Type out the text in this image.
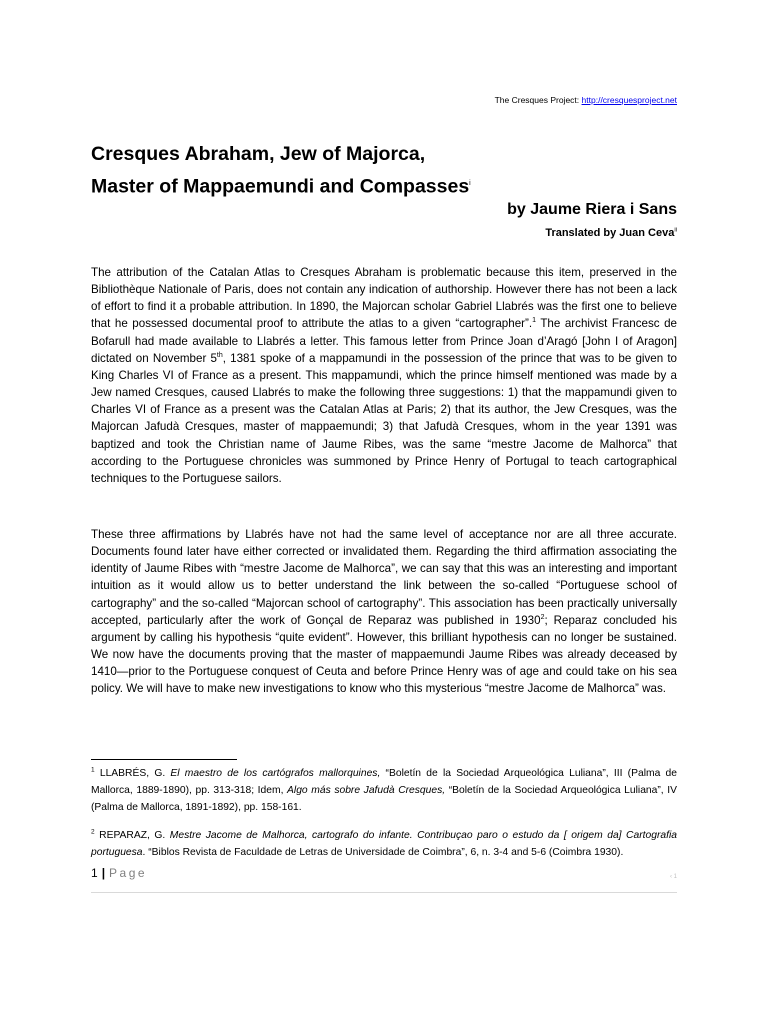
The Cresques Project: http://cresquesproject.net
Cresques Abraham, Jew of Majorca,
Master of Mappaemundi and Compasses$^i$
by Jaume Riera i Sans
Translated by Juan Ceva$^{ii}$

The attribution of the Catalan Atlas to Cresques Abraham is problematic because this item, preserved in the Bibliothèque Nationale of Paris, does not contain any indication of authorship. However there has not been a lack of effort to find it a probable attribution. In 1890, the Majorcan scholar Gabriel Llabrés was the first one to believe that he possessed documental proof to attribute the atlas to a given “cartographer”.$^1$ The archivist Francesc de Bofarull had made available to Llabrés a letter. This famous letter from Prince Joan d’Aragó [John I of Aragon] dictated on November 5th, 1381 spoke of a mappamundi in the possession of the prince that was to be given to King Charles VI of France as a present. This mappamundi, which the prince himself mentioned was made by a Jew named Cresques, caused Llabrés to make the following three suggestions: 1) that the mappamundi given to Charles VI of France as a present was the Catalan Atlas at Paris; 2) that its author, the Jew Cresques, was the Majorcan Jafudà Cresques, master of mappaemundi; 3) that Jafudà Cresques, whom in the year 1391 was baptized and took the Christian name of Jaume Ribes, was the same “mestre Jacome de Malhorca” that according to the Portuguese chronicles was summoned by Prince Henry of Portugal to teach cartographical techniques to the Portuguese sailors.

These three affirmations by Llabrés have not had the same level of acceptance nor are all three accurate. Documents found later have either corrected or invalidated them. Regarding the third affirmation associating the identity of Jaume Ribes with “mestre Jacome de Malhorca”, we can say that this was an interesting and important intuition as it would allow us to better understand the link between the so-called “Portuguese school of cartography” and the so-called “Majorcan school of cartography”. This association has been practically universally accepted, particularly after the work of Gonçal de Reparaz was published in 1930$^2$; Reparaz concluded his argument by calling his hypothesis “quite evident”. However, this brilliant hypothesis can no longer be sustained. We now have the documents proving that the master of mappaemundi Jaume Ribes was already deceased by 1410—prior to the Portuguese conquest of Ceuta and before Prince Henry was of age and could take on his sea policy. We will have to make new investigations to know who this mysterious “mestre Jacome de Malhorca” was.

$^1$ LLABRÉS, G. El maestro de los cartógrafos mallorquines, “Boletín de la Sociedad Arqueológica Luliana”, III (Palma de Mallorca, 1889-1890), pp. 313-318; Idem, Algo más sobre Jafudà Cresques, “Boletín de la Sociedad Arqueológica Luliana”, IV (Palma de Mallorca, 1891-1892), pp. 158-161.

$^2$ REPARAZ, G. Mestre Jacome de Malhorca, cartografo do infante. Contribuçao paro o estudo da [ origem da] Cartografia portuguesa. “Biblos Revista de Faculdade de Letras de Universidade de Coimbra”, 6, n. 3-4 and 5-6 (Coimbra 1930).

1 | Page	‹ 1
